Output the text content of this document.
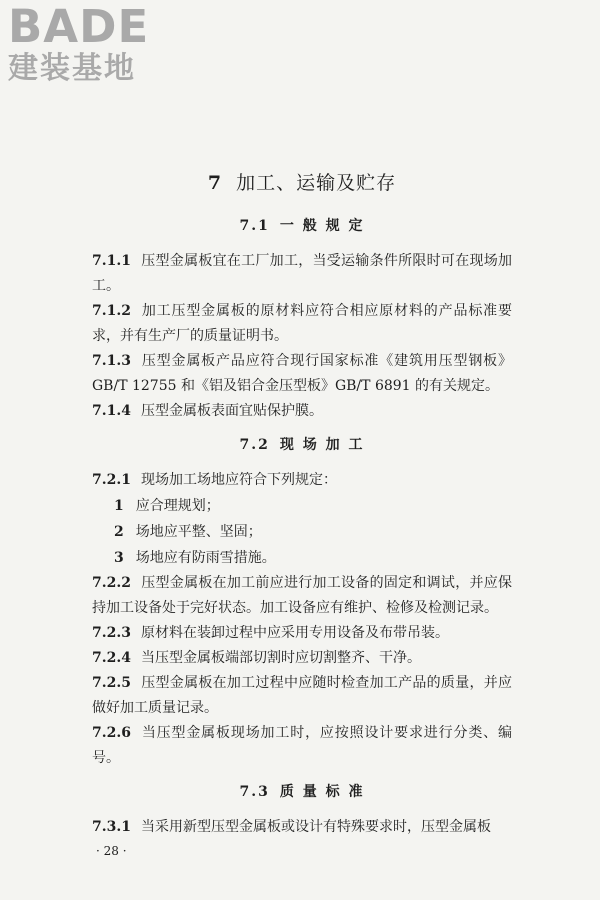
BADE
建装基地
7 加工、运输及贮存
7.1 一 般 规 定

7.1.1 压型金属板宜在工厂加工，当受运输条件所限时可在现场加工。

7.1.2 加工压型金属板的原材料应符合相应原材料的产品标准要求，并有生产厂的质量证明书。

7.1.3 压型金属板产品应符合现行国家标准《建筑用压型钢板》GB/T 12755 和《铝及铝合金压型板》GB/T 6891 的有关规定。

7.1.4 压型金属板表面宜贴保护膜。

7.2 现 场 加 工

7.2.1 现场加工场地应符合下列规定：

1 应合理规划；

2 场地应平整、坚固；

3 场地应有防雨雪措施。

7.2.2 压型金属板在加工前应进行加工设备的固定和调试，并应保持加工设备处于完好状态。加工设备应有维护、检修及检测记录。

7.2.3 原材料在装卸过程中应采用专用设备及布带吊装。

7.2.4 当压型金属板端部切割时应切割整齐、干净。

7.2.5 压型金属板在加工过程中应随时检查加工产品的质量，并应做好加工质量记录。

7.2.6 当压型金属板现场加工时，应按照设计要求进行分类、编号。

7.3 质 量 标 准

7.3.1 当采用新型压型金属板或设计有特殊要求时，压型金属板

· 28 ·
